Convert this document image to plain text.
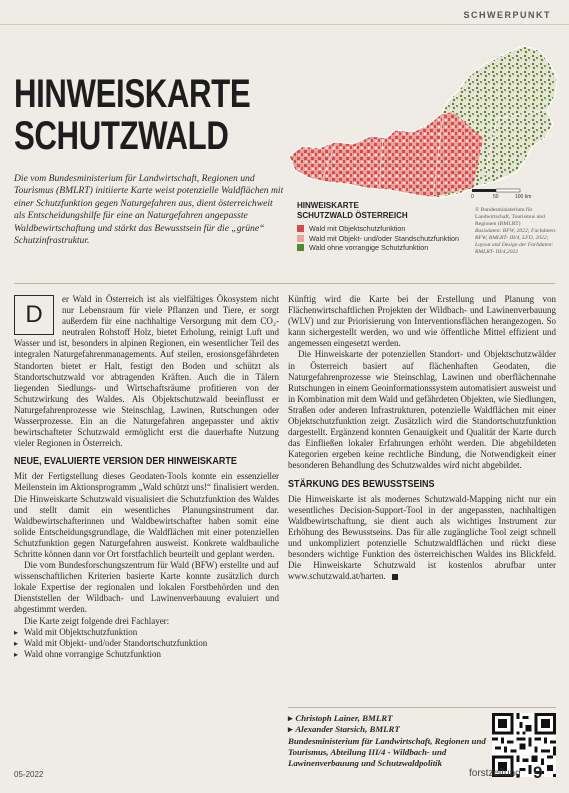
SCHWERPUNKT
HINWEISKARTE
SCHUTZWALD

Die vom Bundesministerium für Landwirtschaft, Regionen und Tourismus (BMLRT) initiierte Karte weist potenzielle Waldflächen mit einer Schutzfunktion gegen Naturgefahren aus, dient österreichweit als Entscheidungshilfe für eine an Naturgefahren angepasste Waldbewirtschaftung und stärkt das Bewusstsein für die „grüne“ Schutzinfrastruktur.

HINWEISKARTE
SCHUTZWALD ÖSTERREICH
Wald mit Objektschutzfunktion
Wald mit Objekt- und/oder Standschutzfunktion
Wald ohne vorrangige Schutzfunktion
0	50	100 km
© Bundesministerium für Landwirtschaft, Tourismus und Regionen (BMLRT)
Basisdaten: BFW, 2022; Fachdaten: BFW, BMLRT- III/4, LFD, 2022; Layout und Design der Farbdaten: BMLRT- III/4,2022

D
er Wald in Österreich ist als vielfältiges Ökosystem nicht nur Lebensraum für viele Pflanzen und Tiere, er sorgt außerdem für eine nachhaltige Versorgung mit dem CO₂-neutralen Rohstoff Holz, bietet Erholung, reinigt Luft und Wasser und ist, besonders in alpinen Regionen, ein wesentlicher Teil des integralen Naturgefahrenmanagements. Auf steilen, erosionsgefährdeten Standorten bietet er Halt, festigt den Boden und schützt als Standortschutzwald vor abtragenden Kräften. Auch die in Tälern liegenden Siedlungs- und Wirtschaftsräume profitieren von der Schutzwirkung des Waldes. Als Objektschutzwald beeinflusst er Naturgefahrenprozesse wie Steinschlag, Lawinen, Rutschungen oder Wasserprozesse. Ein an die Naturgefahren angepasster und aktiv bewirtschafteter Schutzwald ermöglicht erst die dauerhafte Nutzung vieler Regionen in Österreich.

NEUE, EVALUIERTE VERSION DER HINWEISKARTE

Mit der Fertigstellung dieses Geodaten-Tools konnte ein essenzieller Meilenstein im Aktionsprogramm „Wald schützt uns!“ finalisiert werden. Die Hinweiskarte Schutzwald visualisiert die Schutzfunktion des Waldes und stellt damit ein wesentliches Planungsinstrument dar. Waldbewirtschafterinnen und Waldbewirtschafter haben somit eine solide Entscheidungsgrundlage, die Waldflächen mit einer potenziellen Schutzfunktion gegen Naturgefahren ausweist. Konkrete waldbauliche Schritte können dann vor Ort forstfachlich beurteilt und geplant werden.

Die vom Bundesforschungszentrum für Wald (BFW) erstellte und auf wissenschaftlichen Kriterien basierte Karte konnte zusätzlich durch lokale Expertise der regionalen und lokalen Forstbehörden und den Dienststellen der Wildbach- und Lawinenverbauung evaluiert und abgestimmt werden.

Die Karte zeigt folgende drei Fachlayer:

▸ Wald mit Objektschutzfunktion
▸ Wald mit Objekt- und/oder Standortschutzfunktion
▸ Wald ohne vorrangige Schutzfunktion

Künftig wird die Karte bei der Erstellung und Planung von Flächenwirtschaftlichen Projekten der Wildbach- und Lawinenverbauung (WLV) und zur Priorisierung von Interventionsflächen herangezogen. So kann sichergestellt werden, wo und wie öffentliche Mittel effizient und angemessen eingesetzt werden.

Die Hinweiskarte der potenziellen Standort- und Objektschutzwälder in Österreich basiert auf flächenhaften Geodaten, die Naturgefahrenprozesse wie Steinschlag, Lawinen und oberflächennahe Rutschungen in einem Geoinformationssystem automatisiert ausweist und in Kombination mit dem Wald und gefährdeten Objekten, wie Siedlungen, Straßen oder anderen Infrastrukturen, potenzielle Waldflächen mit einer Objektschutzfunktion zeigt. Zusätzlich wird die Standortschutzfunktion dargestellt. Ergänzend konnten Genauigkeit und Qualität der Karte durch das Einfließen lokaler Erfahrungen erhöht werden. Die abgebildeten Kategorien ergeben keine rechtliche Bindung, die Notwendigkeit einer besonderen Behandlung des Schutzwaldes wird nicht abgebildet.

STÄRKUNG DES BEWUSSTSEINS

Die Hinweiskarte ist als modernes Schutzwald-Mapping nicht nur ein wesentliches Decision-Support-Tool in der angepassten, nachhaltigen Waldbewirtschaftung, sie dient auch als wichtiges Instrument zur Erhöhung des Bewusstseins. Das für alle zugängliche Tool zeigt schnell und unkompliziert potenzielle Schutzwaldflächen und rückt diese besonders wichtige Funktion des österreichischen Waldes ins Blickfeld. Die Hinweiskarte Schutzwald ist kostenlos abrufbar unter www.schutzwald.at/harten.

▸ Christoph Lainer, BMLRT
▸ Alexander Starsich, BMLRT
Bundesministerium für Landwirtschaft, Regionen und Tourismus, Abteilung III/4 - Wildbach- und Lawinenverbauung und Schutzwaldpolitik
05-2022	forstzeitung 9
